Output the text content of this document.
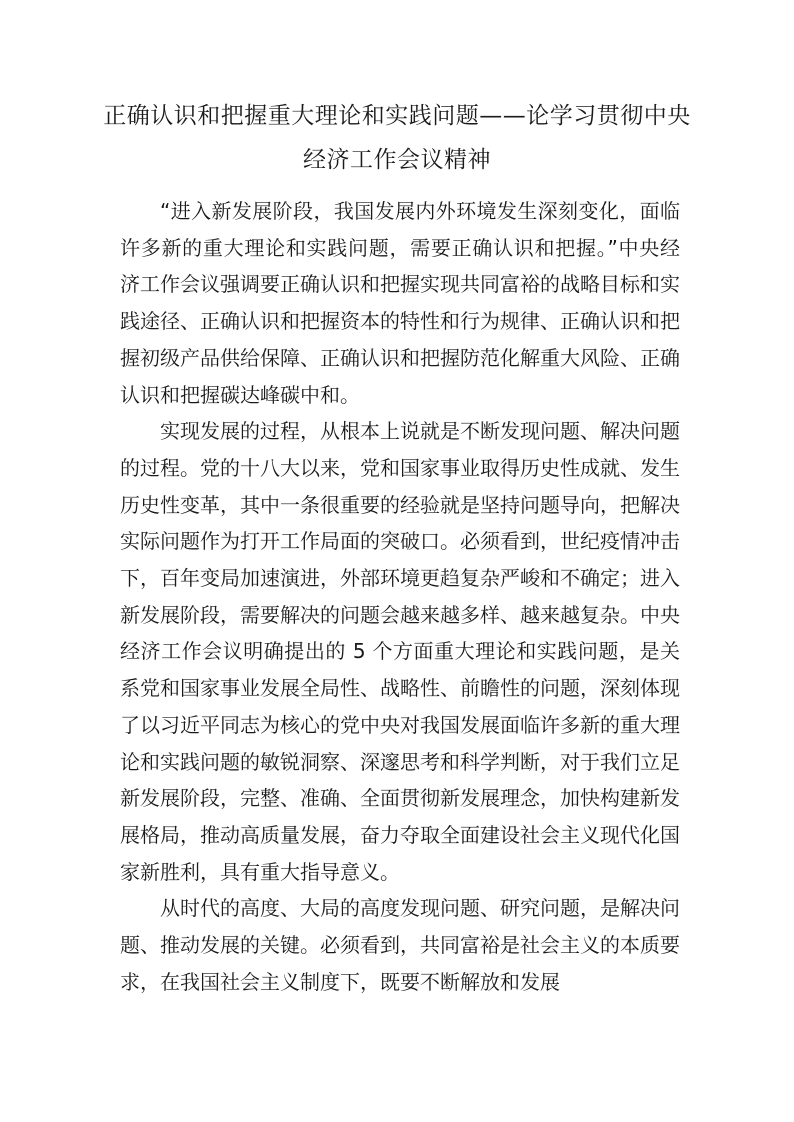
正确认识和把握重大理论和实践问题——论学习贯彻中央经济工作会议精神

“进入新发展阶段，我国发展内外环境发生深刻变化，面临许多新的重大理论和实践问题，需要正确认识和把握。”中央经济工作会议强调要正确认识和把握实现共同富裕的战略目标和实践途径、正确认识和把握资本的特性和行为规律、正确认识和把握初级产品供给保障、正确认识和把握防范化解重大风险、正确认识和把握碳达峰碳中和。

实现发展的过程，从根本上说就是不断发现问题、解决问题的过程。党的十八大以来，党和国家事业取得历史性成就、发生历史性变革，其中一条很重要的经验就是坚持问题导向，把解决实际问题作为打开工作局面的突破口。必须看到，世纪疫情冲击下，百年变局加速演进，外部环境更趋复杂严峻和不确定；进入新发展阶段，需要解决的问题会越来越多样、越来越复杂。中央经济工作会议明确提出的 5 个方面重大理论和实践问题，是关系党和国家事业发展全局性、战略性、前瞻性的问题，深刻体现了以习近平同志为核心的党中央对我国发展面临许多新的重大理论和实践问题的敏锐洞察、深邃思考和科学判断，对于我们立足新发展阶段，完整、准确、全面贯彻新发展理念，加快构建新发展格局，推动高质量发展，奋力夺取全面建设社会主义现代化国家新胜利，具有重大指导意义。

从时代的高度、大局的高度发现问题、研究问题，是解决问题、推动发展的关键。必须看到，共同富裕是社会主义的本质要求，在我国社会主义制度下，既要不断解放和发展
